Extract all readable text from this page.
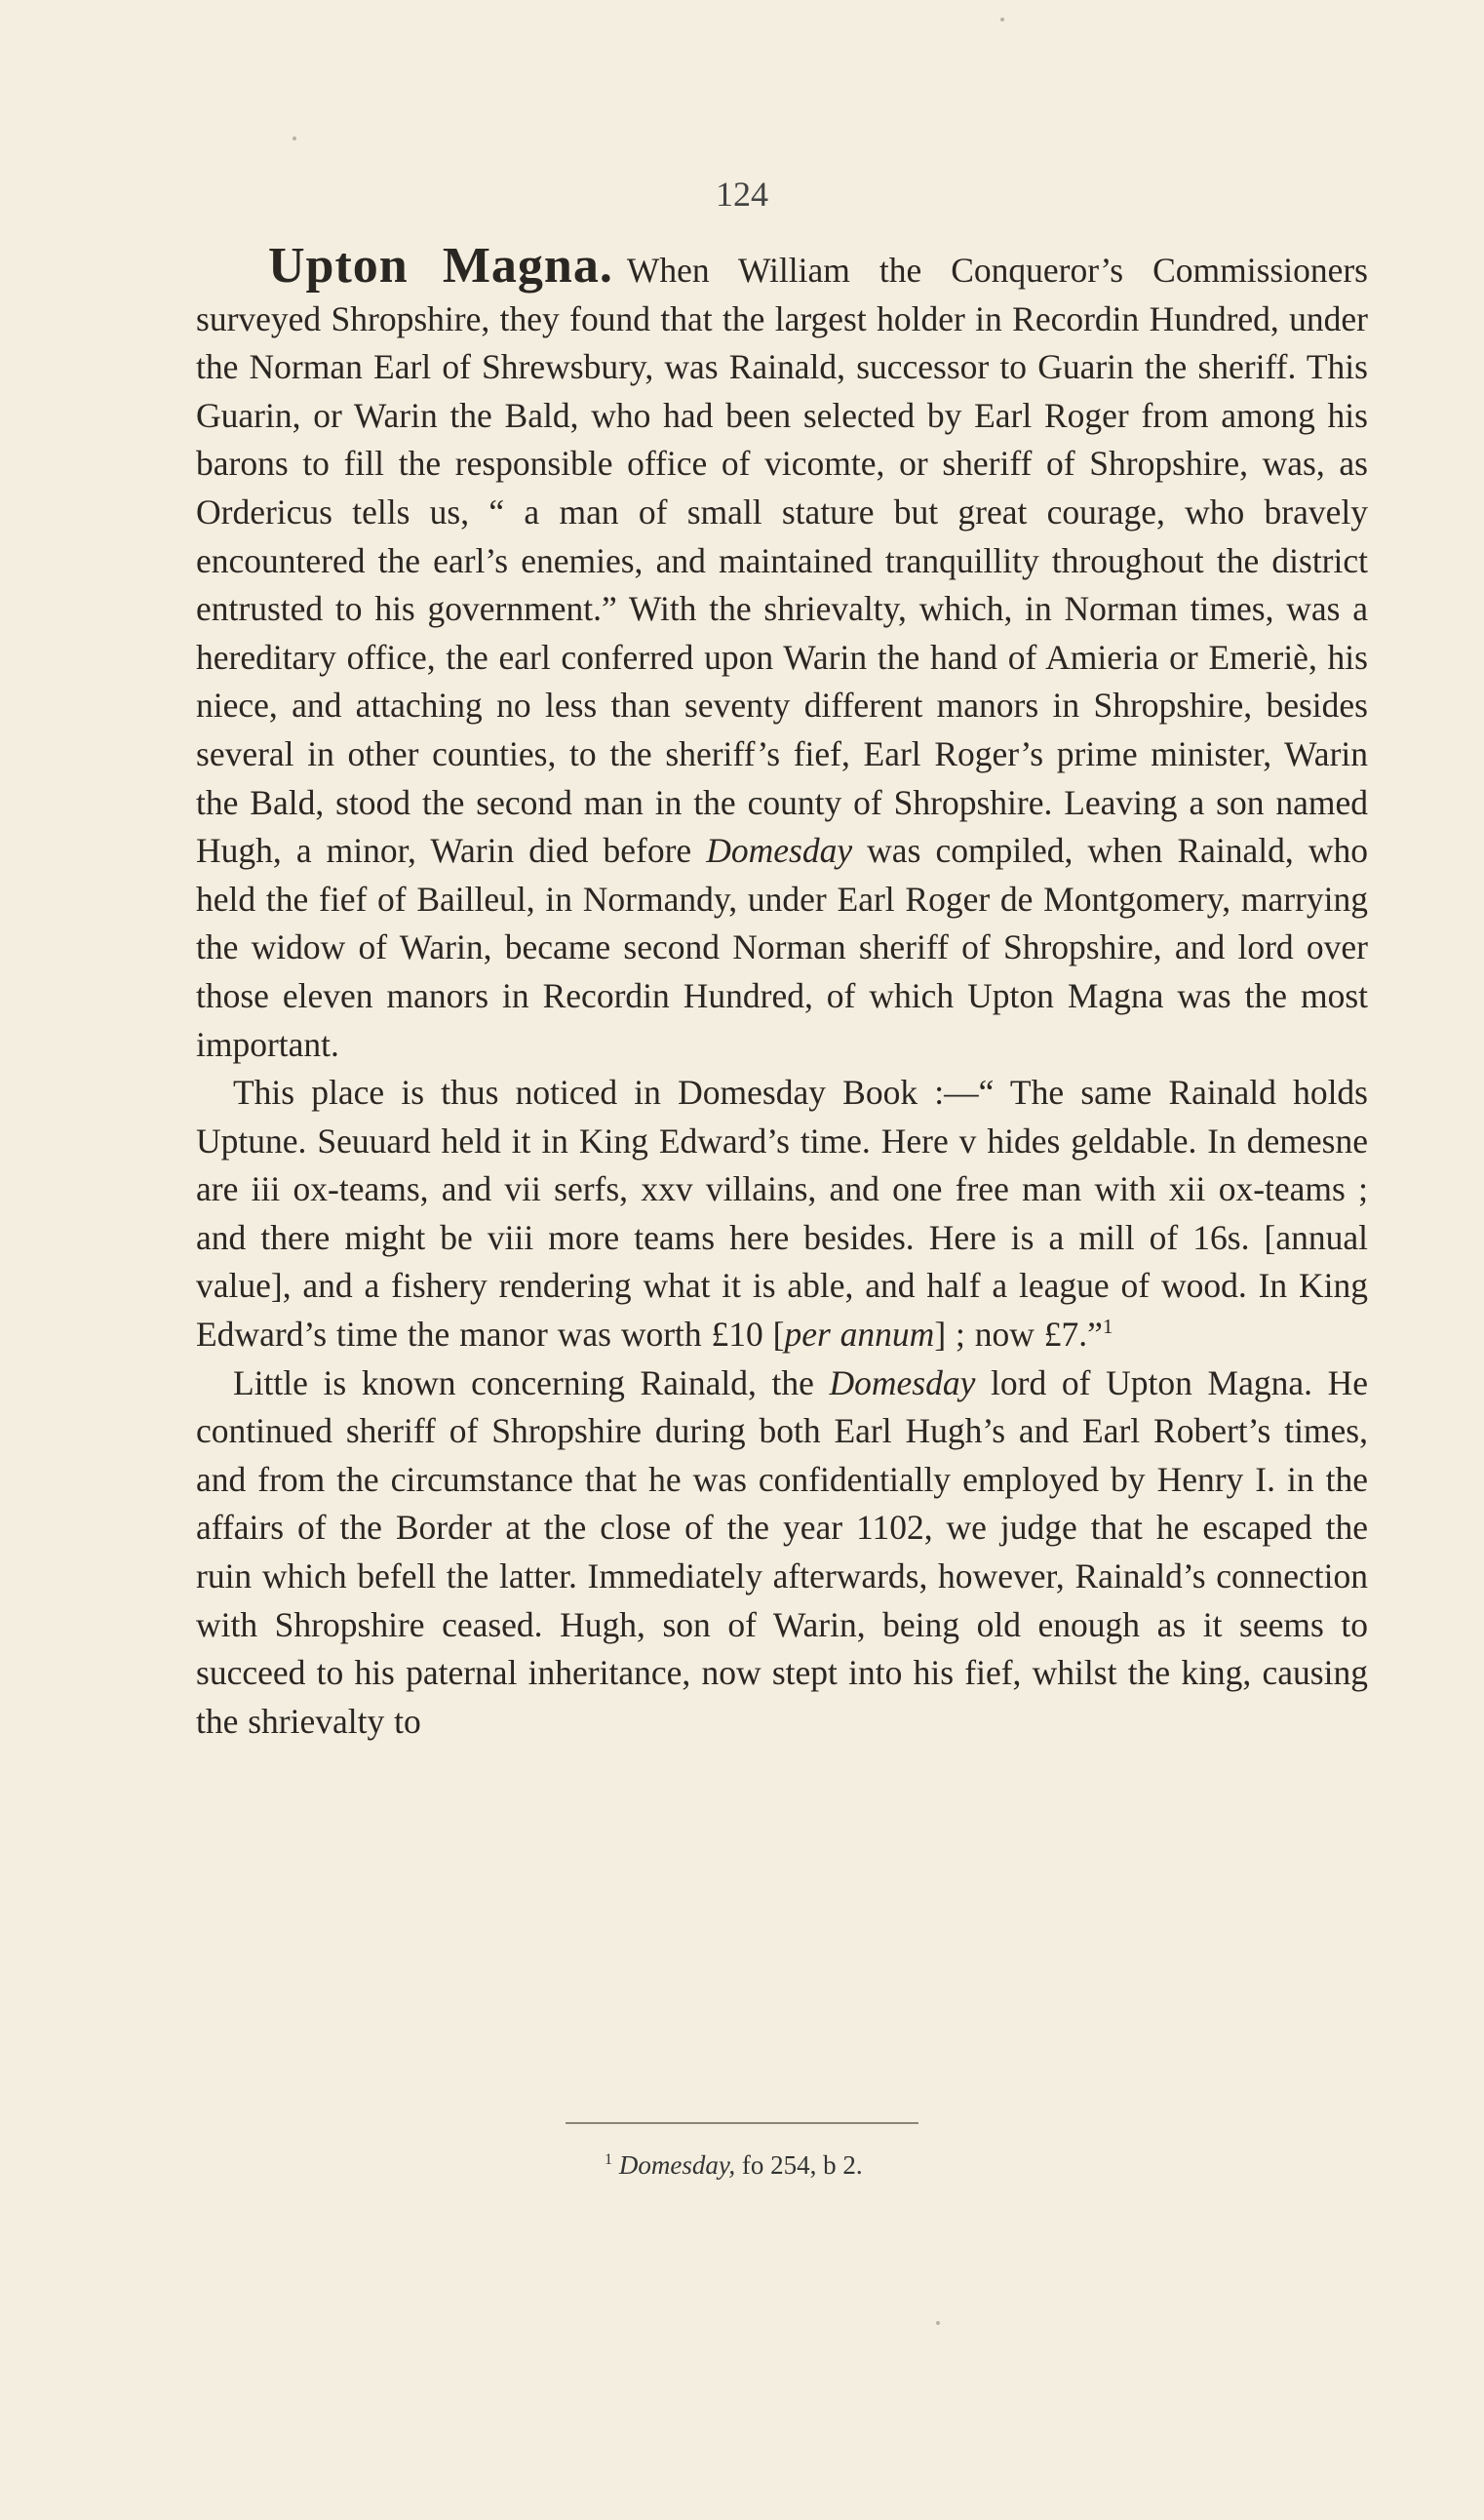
124

Upton Magna. When William the Conqueror’s Commissioners surveyed Shropshire, they found that the largest holder in Recordin Hundred, under the Norman Earl of Shrewsbury, was Rainald, successor to Guarin the sheriff. This Guarin, or Warin the Bald, who had been selected by Earl Roger from among his barons to fill the responsible office of vicomte, or sheriff of Shropshire, was, as Ordericus tells us, “ a man of small stature but great courage, who bravely encountered the earl’s enemies, and maintained tranquillity throughout the district entrusted to his government.” With the shrievalty, which, in Norman times, was a hereditary office, the earl conferred upon Warin the hand of Amieria or Emeriè, his niece, and attaching no less than seventy different manors in Shropshire, besides several in other counties, to the sheriff’s fief, Earl Roger’s prime minister, Warin the Bald, stood the second man in the county of Shropshire. Leaving a son named Hugh, a minor, Warin died before Domesday was compiled, when Rainald, who held the fief of Bailleul, in Normandy, under Earl Roger de Montgomery, marrying the widow of Warin, became second Norman sheriff of Shropshire, and lord over those eleven manors in Recordin Hundred, of which Upton Magna was the most important.

This place is thus noticed in Domesday Book :—“ The same Rainald holds Uptune. Seuuard held it in King Edward’s time. Here v hides geldable. In demesne are iii ox-teams, and vii serfs, xxv villains, and one free man with xii ox-teams ; and there might be viii more teams here besides. Here is a mill of 16s. [annual value], and a fishery rendering what it is able, and half a league of wood. In King Edward’s time the manor was worth £10 [per annum] ; now £7.”$^1$

Little is known concerning Rainald, the Domesday lord of Upton Magna. He continued sheriff of Shropshire during both Earl Hugh’s and Earl Robert’s times, and from the circumstance that he was confidentially employed by Henry I. in the affairs of the Border at the close of the year 1102, we judge that he escaped the ruin which befell the latter. Immediately afterwards, however, Rainald’s connection with Shropshire ceased. Hugh, son of Warin, being old enough as it seems to succeed to his paternal inheritance, now stept into his fief, whilst the king, causing the shrievalty to

$^1$ Domesday, fo 254, b 2.
